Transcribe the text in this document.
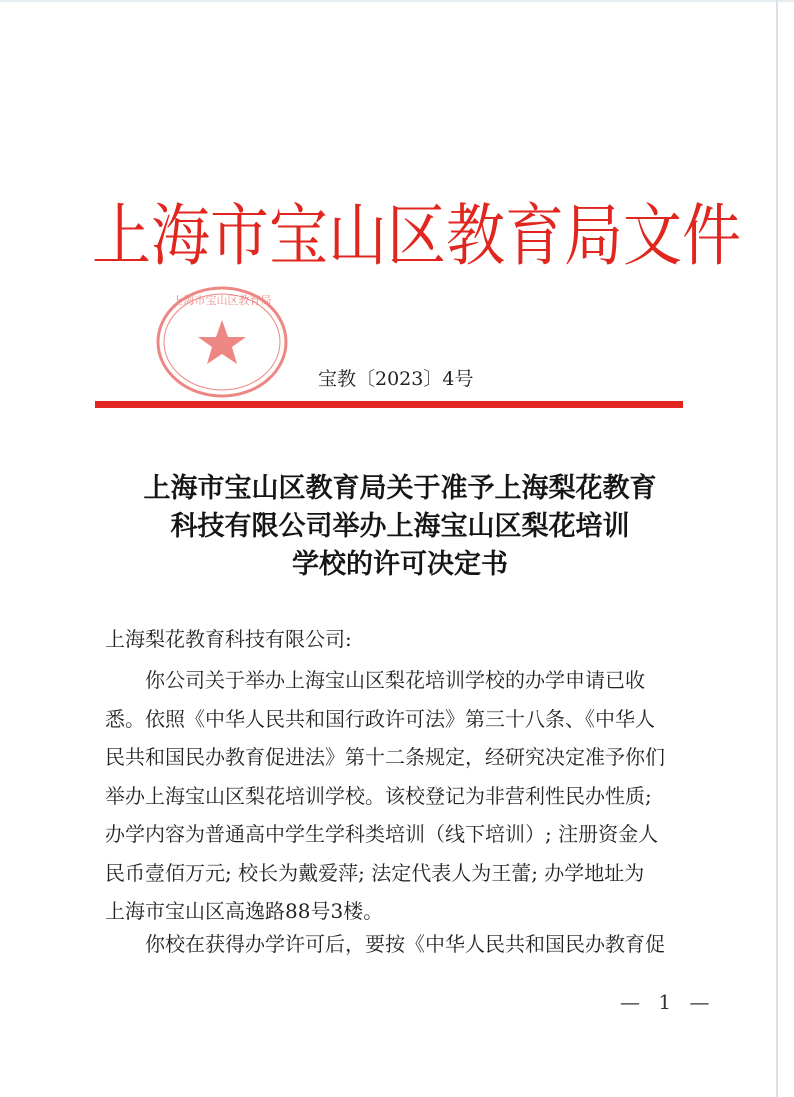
上海市宝山区教育局文件
上海市宝山区教育局
宝教〔2023〕4号
上海市宝山区教育局关于准予上海梨花教育
科技有限公司举办上海宝山区梨花培训
学校的许可决定书
上海梨花教育科技有限公司:
　　你公司关于举办上海宝山区梨花培训学校的办学申请已收
悉。依照《中华人民共和国行政许可法》第三十八条、《中华人
民共和国民办教育促进法》第十二条规定，经研究决定准予你们
举办上海宝山区梨花培训学校。该校登记为非营利性民办性质;
办学内容为普通高中学生学科类培训（线下培训）; 注册资金人
民币壹佰万元; 校长为戴爱萍; 法定代表人为王蕾; 办学地址为
上海市宝山区高逸路88号3楼。
　　你校在获得办学许可后，要按《中华人民共和国民办教育促
— 1 —
